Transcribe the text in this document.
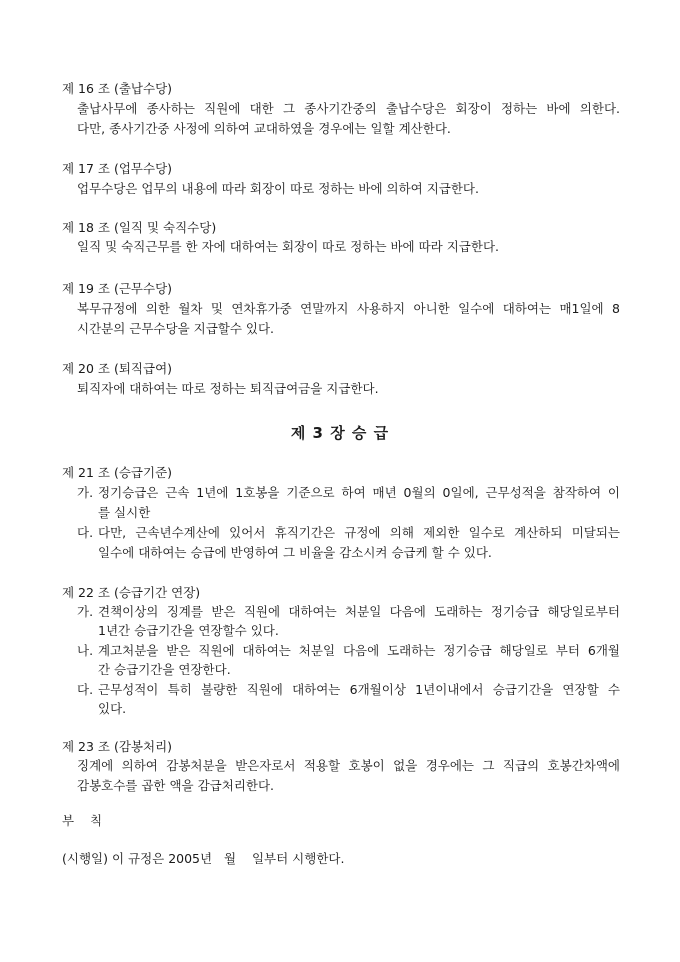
제 16 조 (출납수당)
출납사무에 종사하는 직원에 대한 그 종사기간중의 출납수당은 회장이 정하는 바에 의한다.
다만, 종사기간중 사정에 의하여 교대하였을 경우에는 일할 계산한다.
제 17 조 (업무수당)
업무수당은 업무의 내용에 따라 회장이 따로 정하는 바에 의하여 지급한다.
제 18 조 (일직 및 숙직수당)
일직 및 숙직근무를 한 자에 대하여는 회장이 따로 정하는 바에 따라 지급한다.
제 19 조 (근무수당)
복무규정에 의한 월차 및 연차휴가중 연말까지 사용하지 아니한 일수에 대하여는 매1일에 8
시간분의 근무수당을 지급할수 있다.
제 20 조 (퇴직급여)
퇴직자에 대하여는 따로 정하는 퇴직급여금을 지급한다.
제 3 장 승 급
제 21 조 (승급기준)
가. 정기승급은 근속 1년에 1호봉을 기준으로 하여 매년 0월의 0일에, 근무성적을 참작하여 이
를 실시한
다. 다만, 근속년수계산에 있어서 휴직기간은 규정에 의해 제외한 일수로 계산하되 미달되는
일수에 대하여는 승급에 반영하여 그 비율을 감소시켜 승급케 할 수 있다.
제 22 조 (승급기간 연장)
가. 견책이상의 징계를 받은 직원에 대하여는 처분일 다음에 도래하는 정기승급 해당일로부터
1년간 승급기간을 연장할수 있다.
나. 계고처분을 받은 직원에 대하여는 처분일 다음에 도래하는 정기승급 해당일로 부터 6개월
간 승급기간을 연장한다.
다. 근무성적이 특히 불량한 직원에 대하여는 6개월이상 1년이내에서 승급기간을 연장할 수
있다.
제 23 조 (감봉처리)
징계에 의하여 감봉처분을 받은자로서 적용할 호봉이 없을 경우에는 그 직급의 호봉간차액에
감봉호수를 곱한 액을 감급처리한다.
부    칙
(시행일) 이 규정은 2005년   월    일부터 시행한다.
